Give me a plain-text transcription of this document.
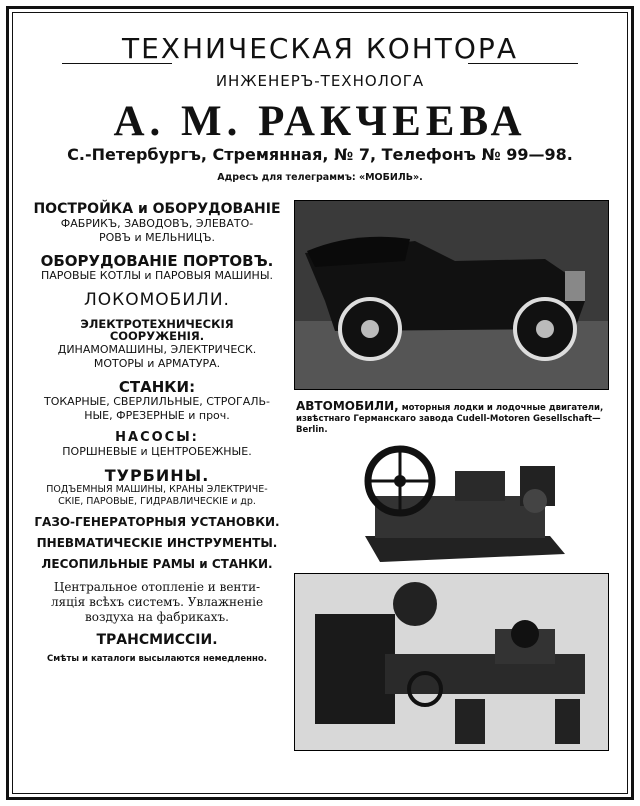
ТЕХНИЧЕСКАЯ КОНТОРА
ИНЖЕНЕРЪ-ТЕХНОЛОГА
А. М. РАКЧЕЕВА
С.-Петербургъ, Стремянная, № 7, Телефонъ № 99—98.
Адресъ для телеграммъ: «МОБИЛЬ».
ПОСТРОЙКА и ОБОРУДОВАНІЕ
ФАБРИКЪ, ЗАВОДОВЪ, ЭЛЕВАТО-
РОВЪ и МЕЛЬНИЦЪ.
ОБОРУДОВАНІЕ ПОРТОВЪ.
ПАРОВЫЕ КОТЛЫ и ПАРОВЫЯ МАШИНЫ.
ЛОКОМОБИЛИ.
ЭЛЕКТРОТЕХНИЧЕСКІЯ СООРУЖЕНІЯ.
ДИНАМОМАШИНЫ, ЭЛЕКТРИЧЕСК.
МОТОРЫ и АРМАТУРА.
СТАНКИ:
ТОКАРНЫЕ, СВЕРЛИЛЬНЫЕ, СТРОГАЛЬ-
НЫЕ, ФРЕЗЕРНЫЕ и проч.
НАСОСЫ:
ПОРШНЕВЫЕ и ЦЕНТРОБЕЖНЫЕ.
ТУРБИНЫ.
ПОДЪЕМНЫЯ МАШИНЫ, КРАНЫ ЭЛЕКТРИЧЕ-
СКІЕ, ПАРОВЫЕ, ГИДРАВЛИЧЕСКІЕ и др.
ГАЗО-ГЕНЕРАТОРНЫЯ УСТАНОВКИ.
ПНЕВМАТИЧЕСКІЕ ИНСТРУМЕНТЫ.
ЛЕСОПИЛЬНЫЕ РАМЫ и СТАНКИ.
Центральное отопленіе и венти-
ляція всѣхъ системъ. Увлажненіе
воздуха на фабрикахъ.
ТРАНСМИССІИ.
Смѣты и каталоги высылаются немедленно.
АВТОМОБИЛИ, моторныя лодки и лодочные двигатели, извѣстнаго Германскаго завода Cudell-Motoren Gesellschaft—Berlin.
